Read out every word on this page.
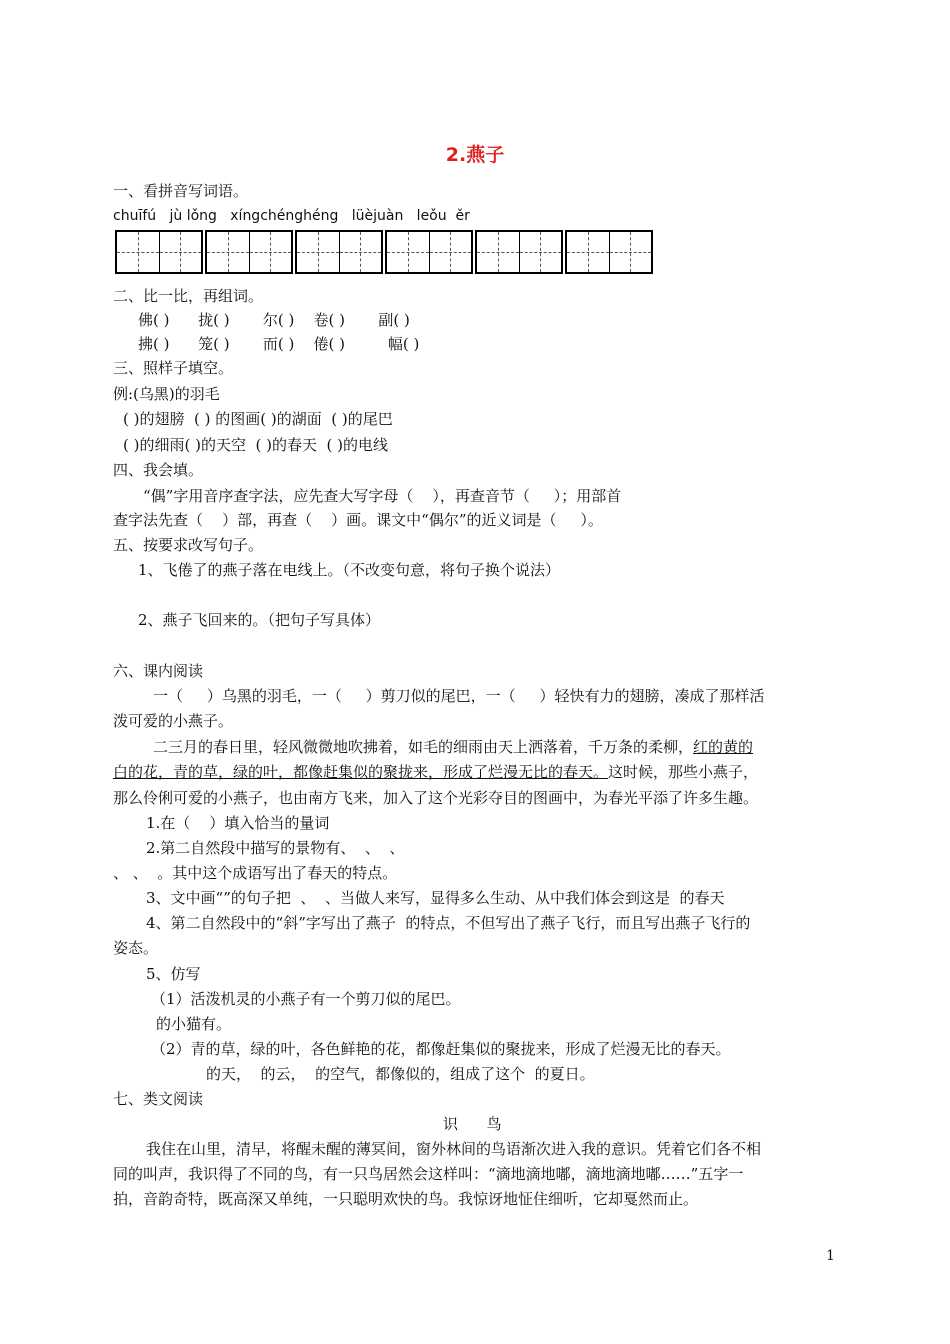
2.燕子
一、看拼音写词语。
chuīfú   jù lǒng   xíngchénghéng   lüèjuàn   leǒu  ěr
二、比一比，再组词。
佛( )      拢( )       尔( )    卷( )       副( )
拂( )      笼( )       而( )    倦( )         幅( )
三、照样子填空。
例:(乌黑)的羽毛
( )的翅膀  ( ) 的图画( )的湖面  ( )的尾巴
( )的细雨( )的天空  ( )的春天  ( )的电线
四、我会填。
“偶”字用音序查字法，应先查大写字母（    ），再查音节（     ）；用部首
查字法先查（    ）部，再查（    ）画。课文中“偶尔”的近义词是（     ）。
五、按要求改写句子。
1、飞倦了的燕子落在电线上。（不改变句意，将句子换个说法）
2、燕子飞回来的。（把句子写具体）
六、课内阅读
一（     ）乌黑的羽毛，一（     ）剪刀似的尾巴，一（     ）轻快有力的翅膀，凑成了那样活
泼可爱的小燕子。
二三月的春日里，轻风微微地吹拂着，如毛的细雨由天上洒落着，千万条的柔柳，红的黄的
白的花，青的草，绿的叶，都像赶集似的聚拢来，形成了烂漫无比的春天。这时候，那些小燕子，
那么伶俐可爱的小燕子，也由南方飞来，加入了这个光彩夺目的图画中，为春光平添了许多生趣。
1.在（    ）填入恰当的量词
2.第二自然段中描写的景物有、  、  、
、 、  。其中这个成语写出了春天的特点。
3、文中画“”的句子把  、  、当做人来写，显得多么生动、从中我们体会到这是  的春天
4、第二自然段中的“斜”字写出了燕子  的特点，不但写出了燕子飞行，而且写出燕子飞行的
姿态。
5、仿写
（1）活泼机灵的小燕子有一个剪刀似的尾巴。
的小猫有。
（2）青的草，绿的叶，各色鲜艳的花，都像赶集似的聚拢来，形成了烂漫无比的春天。
的天，  的云，  的空气，都像似的，组成了这个  的夏日。
七、类文阅读
识      鸟
我住在山里，清早，将醒未醒的薄冥间，窗外林间的鸟语渐次进入我的意识。凭着它们各不相
同的叫声，我识得了不同的鸟，有一只鸟居然会这样叫：“滴地滴地嘟，滴地滴地嘟……”五字一
拍，音韵奇特，既高深又单纯，一只聪明欢快的鸟。我惊讶地怔住细听，它却戛然而止。
1
